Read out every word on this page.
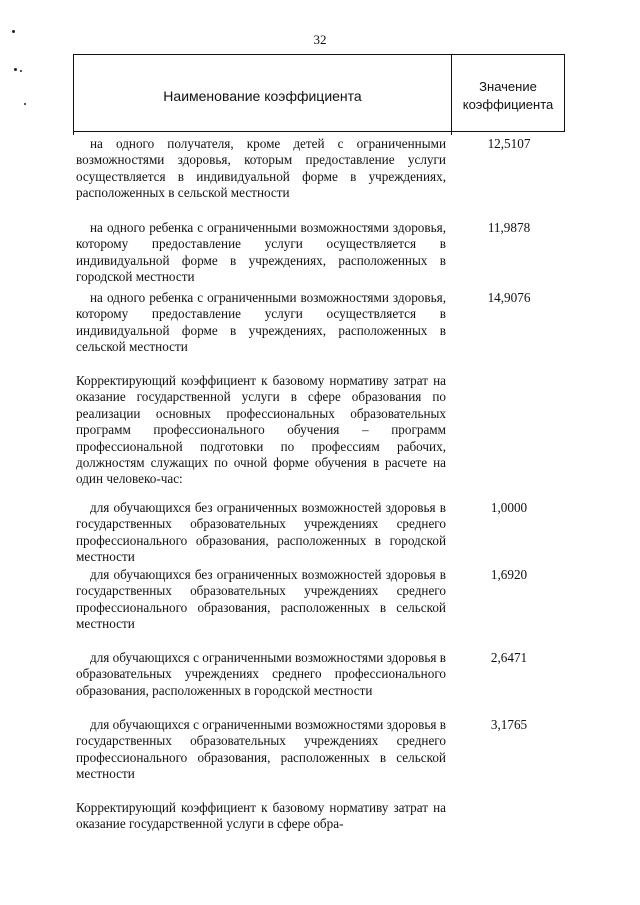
32
Наименование коэффициента
Значение
коэффициента
на одного получателя, кроме детей с ограниченными возможностями здоровья, которым предоставление услуги осуществляется в индивидуальной форме в учреждениях, расположенных в сельской местности
12,5107
на одного ребенка с ограниченными возможностями здоровья, которому предоставление услуги осуществляется в индивидуальной форме в учреждениях, расположенных в городской местности
11,9878
на одного ребенка с ограниченными возможностями здоровья, которому предоставление услуги осуществляется в индивидуальной форме в учреждениях, расположенных в сельской местности
14,9076
Корректирующий коэффициент к базовому нормативу затрат на оказание государственной услуги в сфере образования по реализации основных профессиональных образовательных программ профессионального обучения – программ профессиональной подготовки по профессиям рабочих, должностям служащих по очной форме обучения в расчете на один человеко-час:
для обучающихся без ограниченных возможностей здоровья в государственных образовательных учреждениях среднего профессионального образования, расположенных в городской местности
1,0000
для обучающихся без ограниченных возможностей здоровья в государственных образовательных учреждениях среднего профессионального образования, расположенных в сельской местности
1,6920
для обучающихся с ограниченными возможностями здоровья в образовательных учреждениях среднего профессионального образования, расположенных в городской местности
2,6471
для обучающихся с ограниченными возможностями здоровья в государственных образовательных учреждениях среднего профессионального образования, расположенных в сельской местности
3,1765
Корректирующий коэффициент к базовому нормативу затрат на оказание государственной услуги в сфере обра-
